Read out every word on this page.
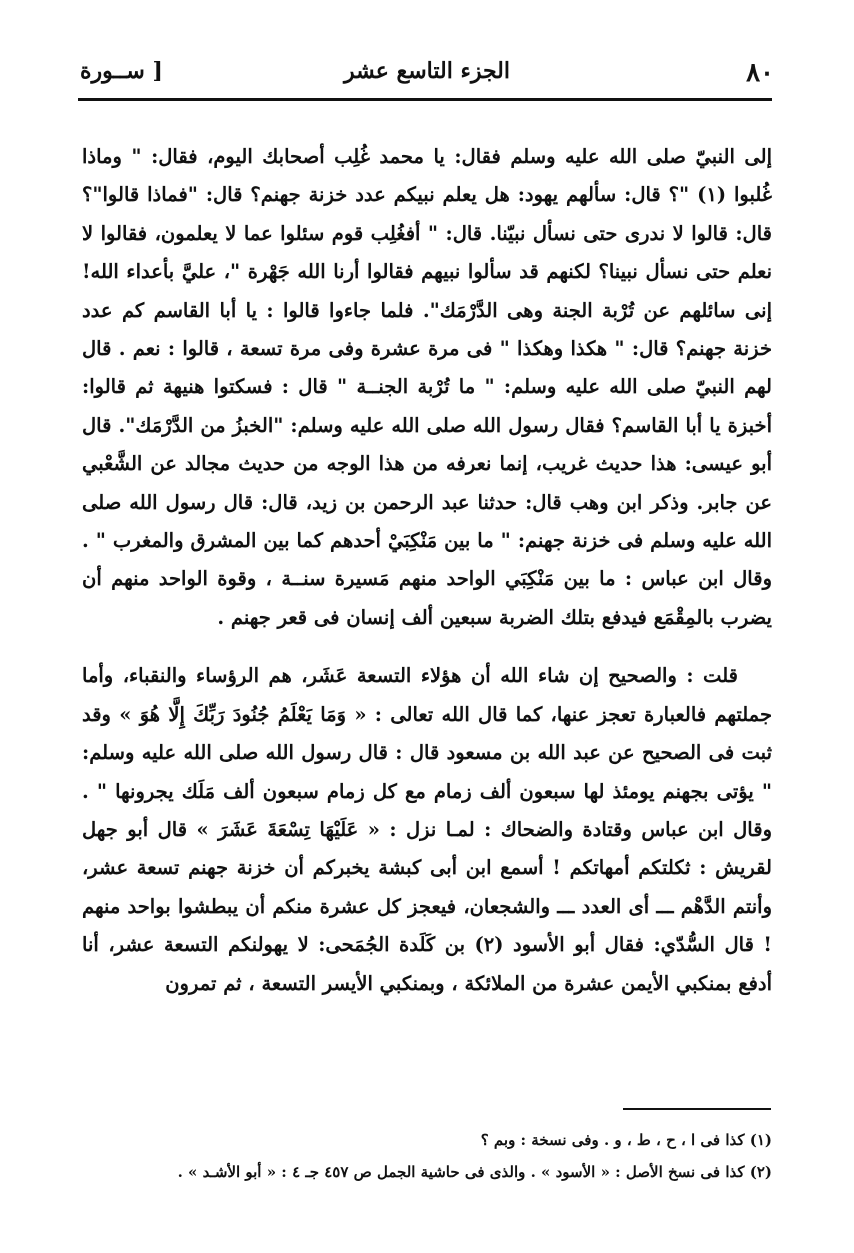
٨٠
الجزء التاسع عشر
[ ســورة

إلى النبيّ صلى الله عليه وسلم فقال: يا محمد غُلِب أصحابك اليوم، فقال: " وماذا غُلبوا (١) "؟ قال: سألهم يهود: هل يعلم نبيكم عدد خزنة جهنم؟ قال: "فماذا قالوا"؟ قال: قالوا لا ندرى حتى نسأل نبيّنا. قال: " أفغُلِب قوم سئلوا عما لا يعلمون، فقالوا لا نعلم حتى نسأل نبينا؟ لكنهم قد سألوا نبيهم فقالوا أرنا الله جَهْرة "، عليَّ بأعداء الله! إنى سائلهم عن تُرْبة الجنة وهى الدَّرْمَك". فلما جاءوا قالوا : يا أبا القاسم كم عدد خزنة جهنم؟ قال: " هكذا وهكذا " فى مرة عشرة وفى مرة تسعة ، قالوا : نعم . قال لهم النبيّ صلى الله عليه وسلم: " ما تُرْبة الجنــة " قال : فسكتوا هنيهة ثم قالوا: أخبزة يا أبا القاسم؟ فقال رسول الله صلى الله عليه وسلم: "الخبزُ من الدَّرْمَك". قال أبو عيسى: هذا حديث غريب، إنما نعرفه من هذا الوجه من حديث مجالد عن الشَّعْبي عن جابر. وذكر ابن وهب قال: حدثنا عبد الرحمن بن زيد، قال: قال رسول الله صلى الله عليه وسلم فى خزنة جهنم: " ما بين مَنْكِبَيْ أحدهم كما بين المشرق والمغرب " . وقال ابن عباس : ما بين مَنْكِبَي الواحد منهم مَسيرة سنــة ، وقوة الواحد منهم أن يضرب بالمِقْمَع فيدفع بتلك الضربة سبعين ألف إنسان فى قعر جهنم .

قلت : والصحيح إن شاء الله أن هؤلاء التسعة عَشَر، هم الرؤساء والنقباء، وأما جملتهم فالعبارة تعجز عنها، كما قال الله تعالى : « وَمَا يَعْلَمُ جُنُودَ رَبِّكَ إِلَّا هُوَ » وقد ثبت فى الصحيح عن عبد الله بن مسعود قال : قال رسول الله صلى الله عليه وسلم: " يؤتى بجهنم يومئذ لها سبعون ألف زمام مع كل زمام سبعون ألف مَلَك يجرونها " . وقال ابن عباس وقتادة والضحاك : لمـا نزل : « عَلَيْهَا تِسْعَةَ عَشَرَ » قال أبو جهل لقريش : ثكلتكم أمهاتكم ! أسمع ابن أبى كبشة يخبركم أن خزنة جهنم تسعة عشر، وأنتم الدَّهْم ـــ أى العدد ـــ والشجعان، فيعجز كل عشرة منكم أن يبطشوا بواحد منهم ! قال السُّدّي: فقال أبو الأسود (٢) بن كَلَدة الجُمَحى: لا يهولنكم التسعة عشر، أنا أدفع بمنكبي الأيمن عشرة من الملائكة ، وبمنكبي الأيسر التسعة ، ثم تمرون

(١) كذا فى ا ، ح ، ط ، و . وفى نسخة : وبم ؟

(٢) كذا فى نسخ الأصل : « الأسود » . والذى فى حاشية الجمل ص ٤٥٧ جـ ٤ : « أبو الأشـد » .
